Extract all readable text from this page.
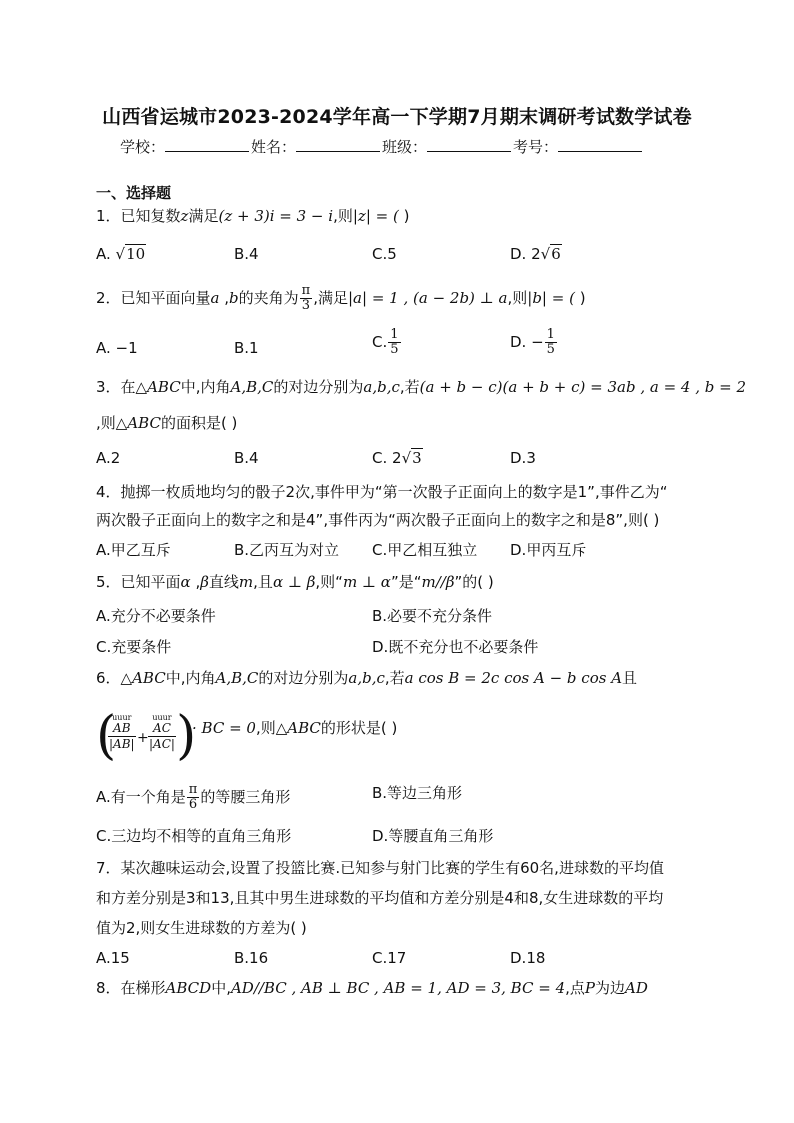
山西省运城市2023-2024学年高一下学期7月期末调研考试数学试卷
学校：	姓名：	班级：	考号：
一、选择题
1．已知复数z满足(z + 3)i = 3 − i,则|z| = ( )
A. √10	B.4	C.5	D. 2√6
2．已知平面向量a ,b的夹角为 $\frac{\pi}{3}$ ,满足|a| = 1 , (a − 2b) ⊥ a,则|b| = ( )
A. −1	B.1	C. $\frac{1}{5}$	D. − $\frac{1}{5}$
3．在△ABC中,内角A,B,C的对边分别为a,b,c,若(a + b − c)(a + b + c) = 3ab , a = 4 , b = 2
,则△ABC的面积是( )
A.2	B.4	C. 2√3	D.3
4．抛掷一枚质地均匀的骰子2次,事件甲为“第一次骰子正面向上的数字是1”,事件乙为“
两次骰子正面向上的数字之和是4”,事件丙为“两次骰子正面向上的数字之和是8”,则( )
A.甲乙互斥	B.乙丙互为对立 C.甲乙相互独立 D.甲丙互斥
5．已知平面α ,β直线m,且α ⊥ β,则“m ⊥ α”是“m//β”的( )
A.充分不必要条件	B.必要不充分条件
C.充要条件	D.既不充分也不必要条件
6．△ABC中,内角A,B,C的对边分别为a,b,c,若a cos B = 2c cos A − b cos A且
(
uuur
AB
|AB| +
uuur
AC
|AC| )
· BC = 0,则△ABC的形状是( )
A.有一个角是 $\frac{\pi}{6}$ 的等腰三角形	B.等边三角形
C.三边均不相等的直角三角形	D.等腰直角三角形
7．某次趣味运动会,设置了投篮比赛.已知参与射门比赛的学生有60名,进球数的平均值
和方差分别是3和13,且其中男生进球数的平均值和方差分别是4和8,女生进球数的平均
值为2,则女生进球数的方差为( )
A.15	B.16	C.17	D.18
8．在梯形ABCD中,AD//BC , AB ⊥ BC , AB = 1, AD = 3, BC = 4,点P为边AD
